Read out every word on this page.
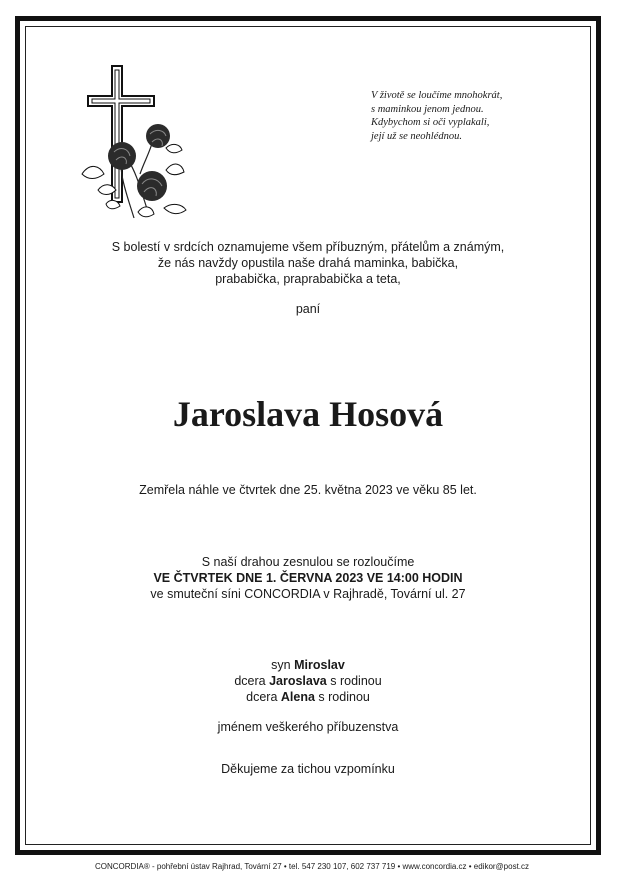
V životě se loučíme mnohokrát,
s maminkou jenom jednou.
Kdybychom si oči vyplakali,
její už se neohlédnou.
S bolestí v srdcích oznamujeme všem příbuzným, přátelům a známým,
že nás navždy opustila naše drahá maminka, babička,
prababička, praprababička a teta,
paní
Jaroslava Hosová
Zemřela náhle ve čtvrtek dne 25. května 2023 ve věku 85 let.
S naší drahou zesnulou se rozloučíme
VE ČTVRTEK DNE 1. ČERVNA 2023 VE 14:00 HODIN
ve smuteční síni CONCORDIA v Rajhradě, Tovární ul. 27
syn Miroslav
dcera Jaroslava s rodinou
dcera Alena s rodinou
jménem veškerého příbuzenstva
Děkujeme za tichou vzpomínku
CONCORDIA® - pohřební ústav Rajhrad, Tovární 27 • tel. 547 230 107, 602 737 719 • www.concordia.cz • edikor@post.cz
